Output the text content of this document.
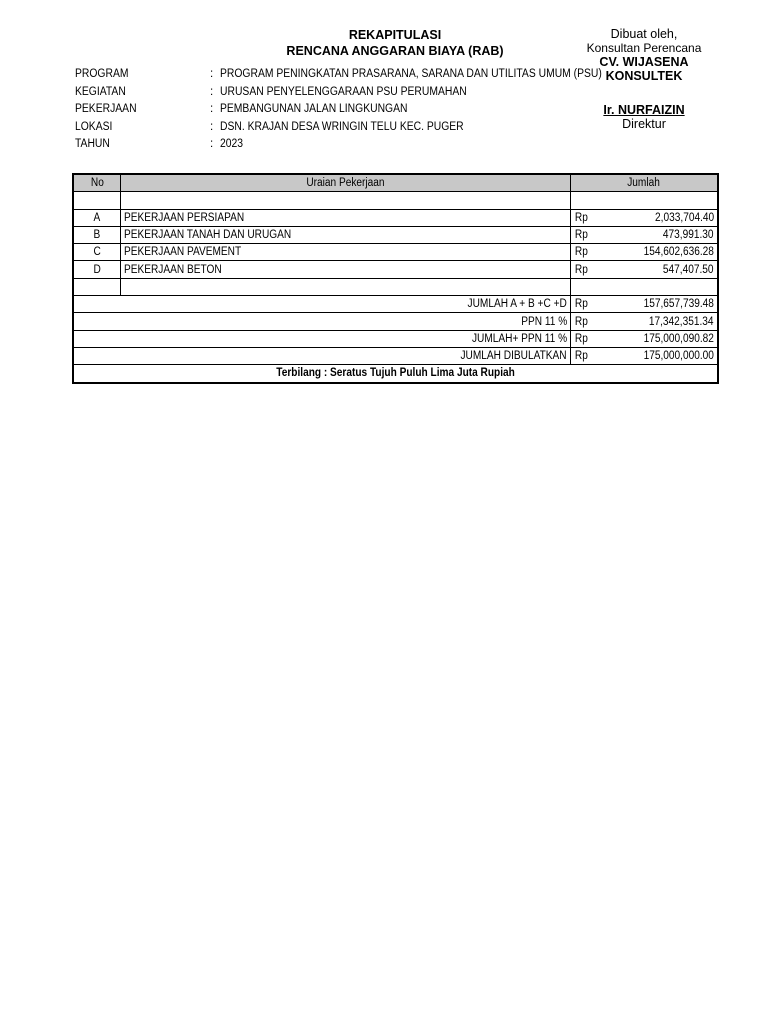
REKAPITULASI
RENCANA ANGGARAN BIAYA (RAB)
Dibuat oleh,
Konsultan Perencana
CV. WIJASENA
KONSULTEK
Ir. NURFAIZIN
Direktur
PROGRAM	: PROGRAM PENINGKATAN PRASARANA, SARANA DAN UTILITAS UMUM (PSU)
KEGIATAN	: URUSAN PENYELENGGARAAN PSU PERUMAHAN
PEKERJAAN	: PEMBANGUNAN JALAN LINGKUNGAN
LOKASI	:DSN. KRAJAN DESA WRINGIN TELU KEC. PUGER
TAHUN	: 2023
No	Uraian Pekerjaan	Jumlah	

A	PEKERJAAN PERSIAPAN	Rp	2,033,704.40
B	PEKERJAAN TANAH DAN URUGAN	Rp	473,991.30
C	PEKERJAAN PAVEMENT	Rp	154,602,636.28
D	PEKERJAAN BETON	Rp	547,407.50

JUMLAH A + B +C +D		Rp	157,657,739.48
PPN 11 %		Rp	17,342,351.34
JUMLAH+ PPN 11 %		Rp	175,000,090.82
JUMLAH DIBULATKAN		Rp	175,000,000.00
Terbilang : Seratus Tujuh Puluh Lima Juta Rupiah			
